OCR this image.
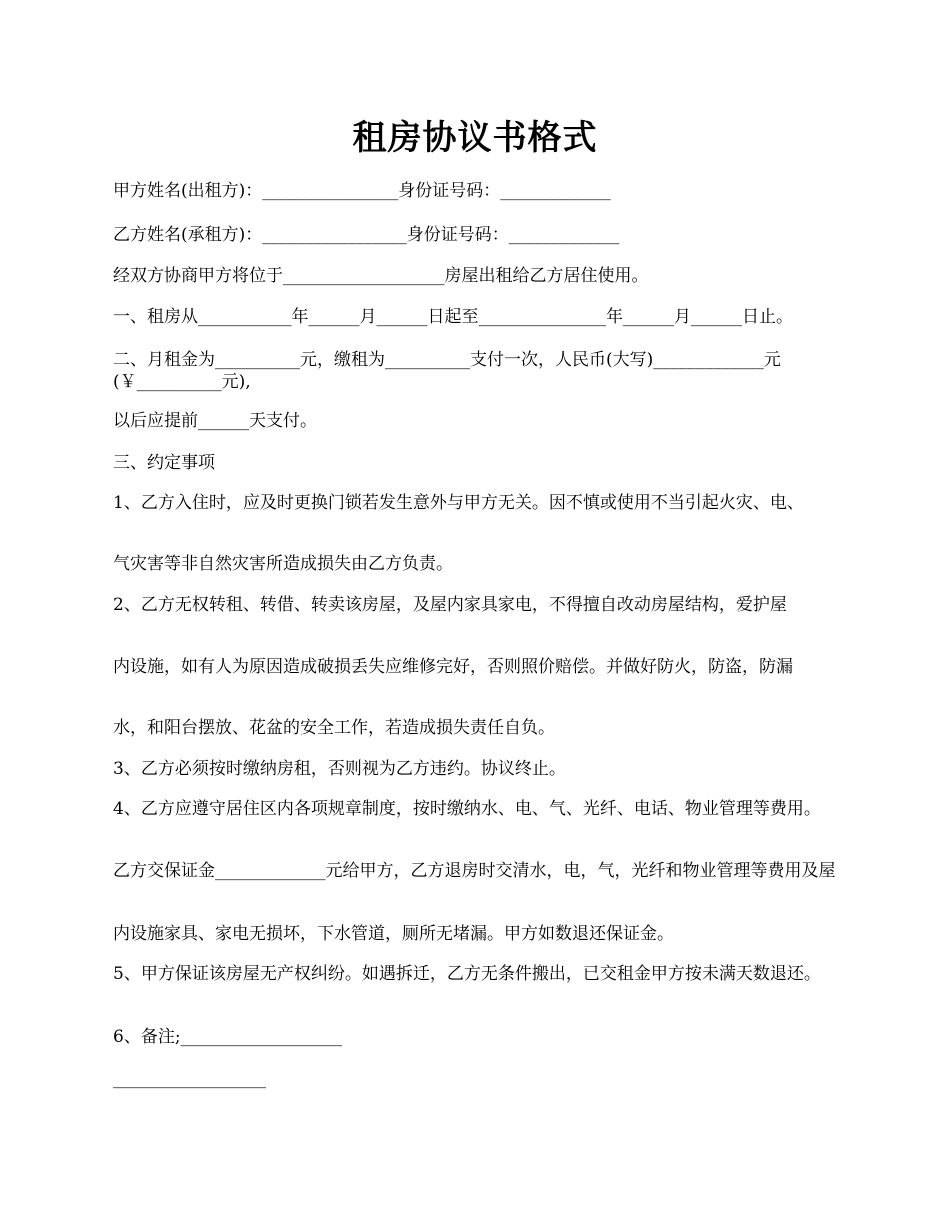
租房协议书格式
甲方姓名(出租方)：________________身份证号码：_____________
乙方姓名(承租方)：_________________身份证号码：_____________
经双方协商甲方将位于___________________房屋出租给乙方居住使用。
一、租房从___________年______月______日起至_______________年______月______日止。
二、月租金为__________元，缴租为__________支付一次，人民币(大写)_____________元(￥__________元),
以后应提前______天支付。
三、约定事项
1、乙方入住时，应及时更换门锁若发生意外与甲方无关。因不慎或使用不当引起火灾、电、
气灾害等非自然灾害所造成损失由乙方负责。
2、乙方无权转租、转借、转卖该房屋，及屋内家具家电，不得擅自改动房屋结构，爱护屋
内设施，如有人为原因造成破损丢失应维修完好，否则照价赔偿。并做好防火，防盗，防漏
水，和阳台摆放、花盆的安全工作，若造成损失责任自负。
3、乙方必须按时缴纳房租，否则视为乙方违约。协议终止。
4、乙方应遵守居住区内各项规章制度，按时缴纳水、电、气、光纤、电话、物业管理等费用。
乙方交保证金_____________元给甲方，乙方退房时交清水，电，气，光纤和物业管理等费用及屋
内设施家具、家电无损坏，下水管道，厕所无堵漏。甲方如数退还保证金。
5、甲方保证该房屋无产权纠纷。如遇拆迁，乙方无条件搬出，已交租金甲方按未满天数退还。
6、备注;___________________
__________________
